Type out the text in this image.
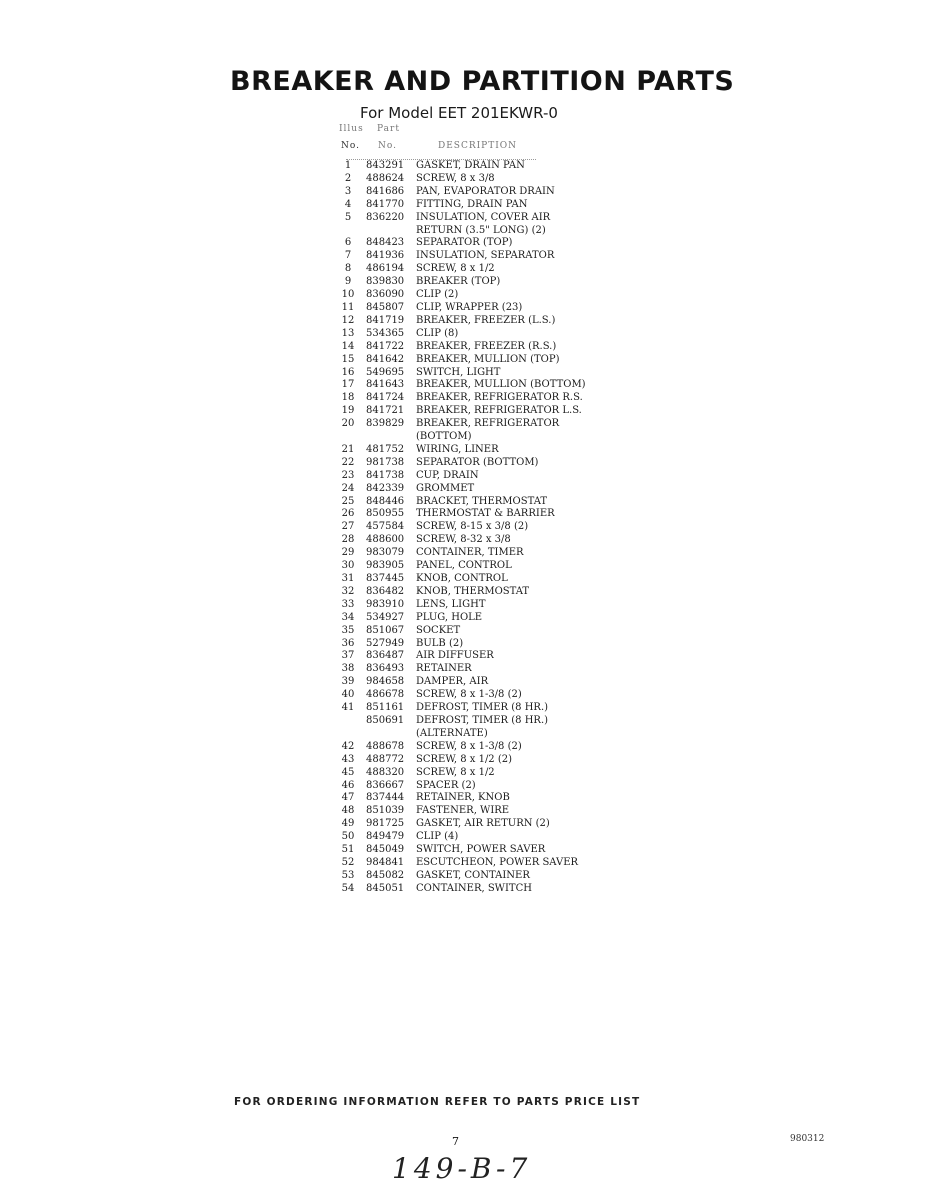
BREAKER AND PARTITION PARTS
For Model EET 201EKWR-0
Illus Part
No. No.	DESCRIPTION
1	843291	GASKET, DRAIN PAN
2	488624	SCREW, 8 x 3/8
3	841686	PAN, EVAPORATOR DRAIN
4	841770	FITTING, DRAIN PAN
5	836220	INSULATION, COVER AIR
RETURN (3.5" LONG) (2)
6	848423	SEPARATOR (TOP)
7	841936	INSULATION, SEPARATOR
8	486194	SCREW, 8 x 1/2
9	839830	BREAKER (TOP)
10	836090	CLIP (2)
11	845807	CLIP, WRAPPER (23)
12	841719	BREAKER, FREEZER (L.S.)
13	534365	CLIP (8)
14	841722	BREAKER, FREEZER (R.S.)
15	841642	BREAKER, MULLION (TOP)
16	549695	SWITCH, LIGHT
17	841643	BREAKER, MULLION (BOTTOM)
18	841724	BREAKER, REFRIGERATOR R.S.
19	841721	BREAKER, REFRIGERATOR L.S.
20	839829	BREAKER, REFRIGERATOR
(BOTTOM)
21	481752	WIRING, LINER
22	981738	SEPARATOR (BOTTOM)
23	841738	CUP, DRAIN
24	842339	GROMMET
25	848446	BRACKET, THERMOSTAT
26	850955	THERMOSTAT & BARRIER
27	457584	SCREW, 8-15 x 3/8 (2)
28	488600	SCREW, 8-32 x 3/8
29	983079	CONTAINER, TIMER
30	983905	PANEL, CONTROL
31	837445	KNOB, CONTROL
32	836482	KNOB, THERMOSTAT
33	983910	LENS, LIGHT
34	534927	PLUG, HOLE
35	851067	SOCKET
36	527949	BULB (2)
37	836487	AIR DIFFUSER
38	836493	RETAINER
39	984658	DAMPER, AIR
40	486678	SCREW, 8 x 1-3/8 (2)
41	851161	DEFROST, TIMER (8 HR.)
850691	DEFROST, TIMER (8 HR.)
(ALTERNATE)
42	488678	SCREW, 8 x 1-3/8 (2)
43	488772	SCREW, 8 x 1/2 (2)
45	488320	SCREW, 8 x 1/2
46	836667	SPACER (2)
47	837444	RETAINER, KNOB
48	851039	FASTENER, WIRE
49	981725	GASKET, AIR RETURN (2)
50	849479	CLIP (4)
51	845049	SWITCH, POWER SAVER
52	984841	ESCUTCHEON, POWER SAVER
53	845082	GASKET, CONTAINER
54	845051	CONTAINER, SWITCH
FOR ORDERING INFORMATION REFER TO PARTS PRICE LIST
7	980312
149-B-7
